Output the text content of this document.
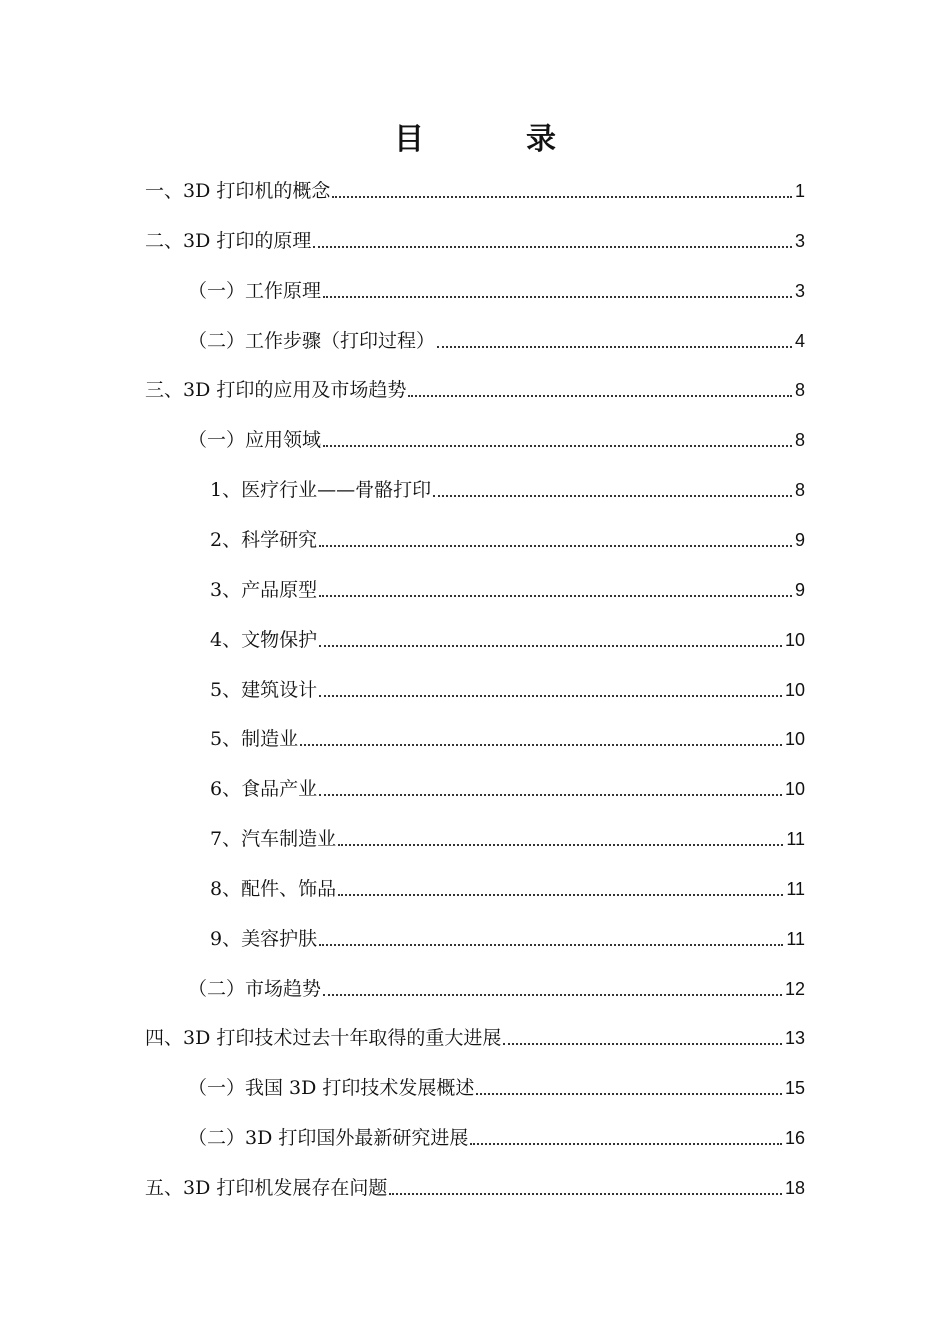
目　录
一、3D 打印机的概念	1
二、3D 打印的原理	3
（一）工作原理	3
（二）工作步骤（打印过程）	4
三、3D 打印的应用及市场趋势	8
（一）应用领域	8
1、医疗行业——骨骼打印	8
2、科学研究	9
3、产品原型	9
4、文物保护	10
5、建筑设计	10
5、制造业	10
6、食品产业	10
7、汽车制造业	11
8、配件、饰品	11
9、美容护肤	11
（二）市场趋势	12
四、3D 打印技术过去十年取得的重大进展	13
（一）我国 3D 打印技术发展概述	15
（二）3D 打印国外最新研究进展	16
五、3D 打印机发展存在问题	18
